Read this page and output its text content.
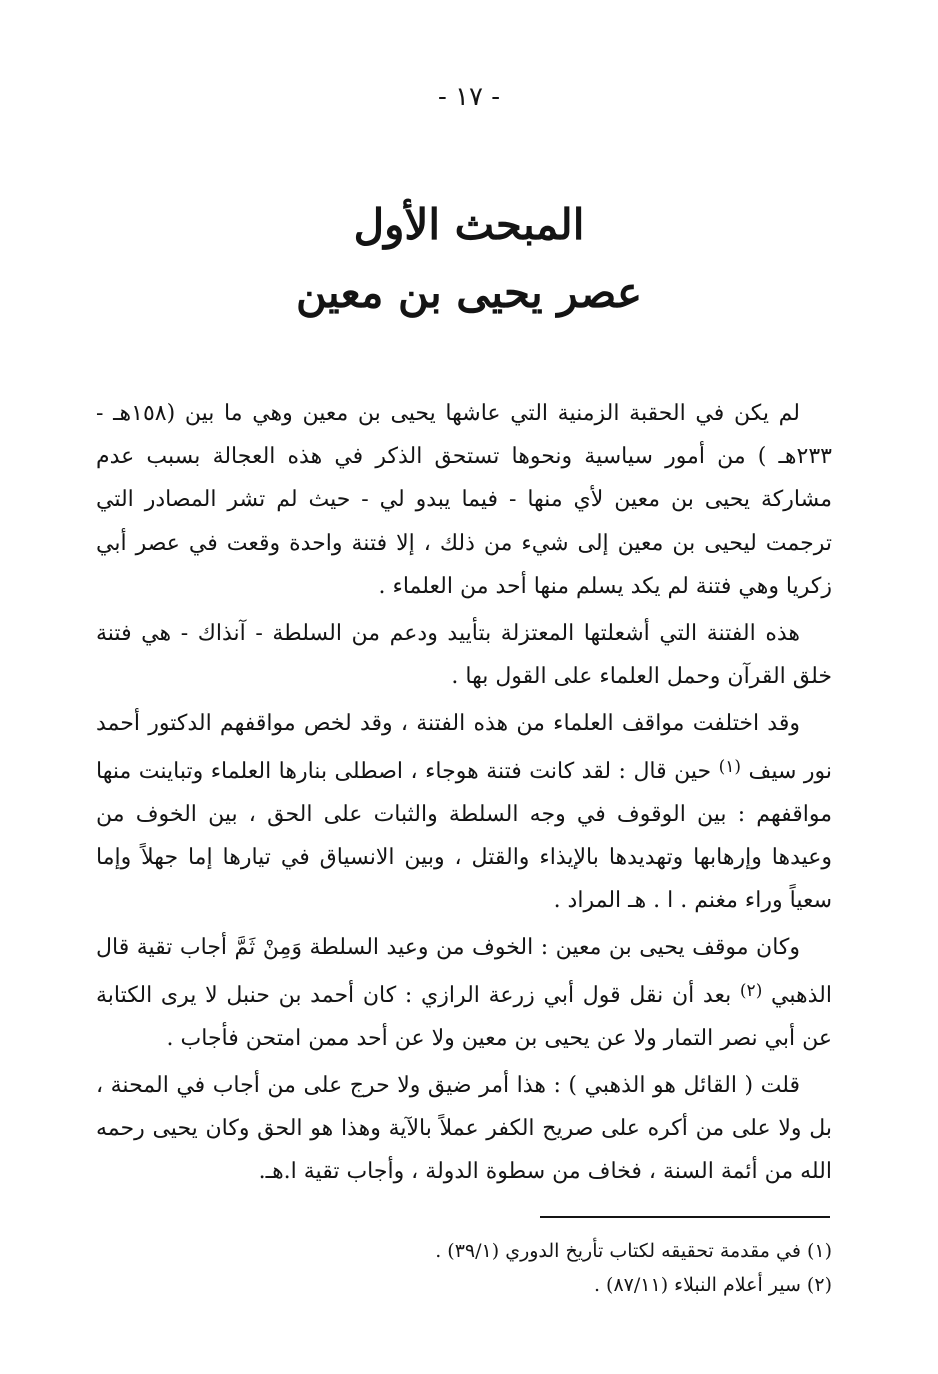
- ١٧ -
المبحث الأول
عصر يحيى بن معين

لم يكن في الحقبة الزمنية التي عاشها يحيى بن معين وهي ما بين (١٥٨هـ - ٢٣٣هـ ) من أمور سياسية ونحوها تستحق الذكر في هذه العجالة بسبب عدم مشاركة يحيى بن معين لأي منها - فيما يبدو لي - حيث لم تشر المصادر التي ترجمت ليحيى بن معين إلى شيء من ذلك ، إلا فتنة واحدة وقعت في عصر أبي زكريا وهي فتنة لم يكد يسلم منها أحد من العلماء .

هذه الفتنة التي أشعلتها المعتزلة بتأييد ودعم من السلطة - آنذاك - هي فتنة خلق القرآن وحمل العلماء على القول بها .

وقد اختلفت مواقف العلماء من هذه الفتنة ، وقد لخص مواقفهم الدكتور أحمد نور سيف $^{(١)}$ حين قال : لقد كانت فتنة هوجاء ، اصطلى بنارها العلماء وتباينت منها مواقفهم : بين الوقوف في وجه السلطة والثبات على الحق ، بين الخوف من وعيدها وإرهابها وتهديدها بالإيذاء والقتل ، وبين الانسياق في تيارها إما جهلاً وإما سعياً وراء مغنم . ا . هـ المراد .

وكان موقف يحيى بن معين : الخوف من وعيد السلطة وَمِنْ ثَمَّ أجاب تقية قال الذهبي $^{(٢)}$ بعد أن نقل قول أبي زرعة الرازي : كان أحمد بن حنبل لا يرى الكتابة عن أبي نصر التمار ولا عن يحيى بن معين ولا عن أحد ممن امتحن فأجاب .

قلت ( القائل هو الذهبي ) : هذا أمر ضيق ولا حرج على من أجاب في المحنة ، بل ولا على من أكره على صريح الكفر عملاً بالآية وهذا هو الحق وكان يحيى رحمه الله من أئمة السنة ، فخاف من سطوة الدولة ، وأجاب تقية ا.هـ.

(١) في مقدمة تحقيقه لكتاب تأريخ الدوري (٣٩/١) .
(٢) سير أعلام النبلاء (٨٧/١١) .
